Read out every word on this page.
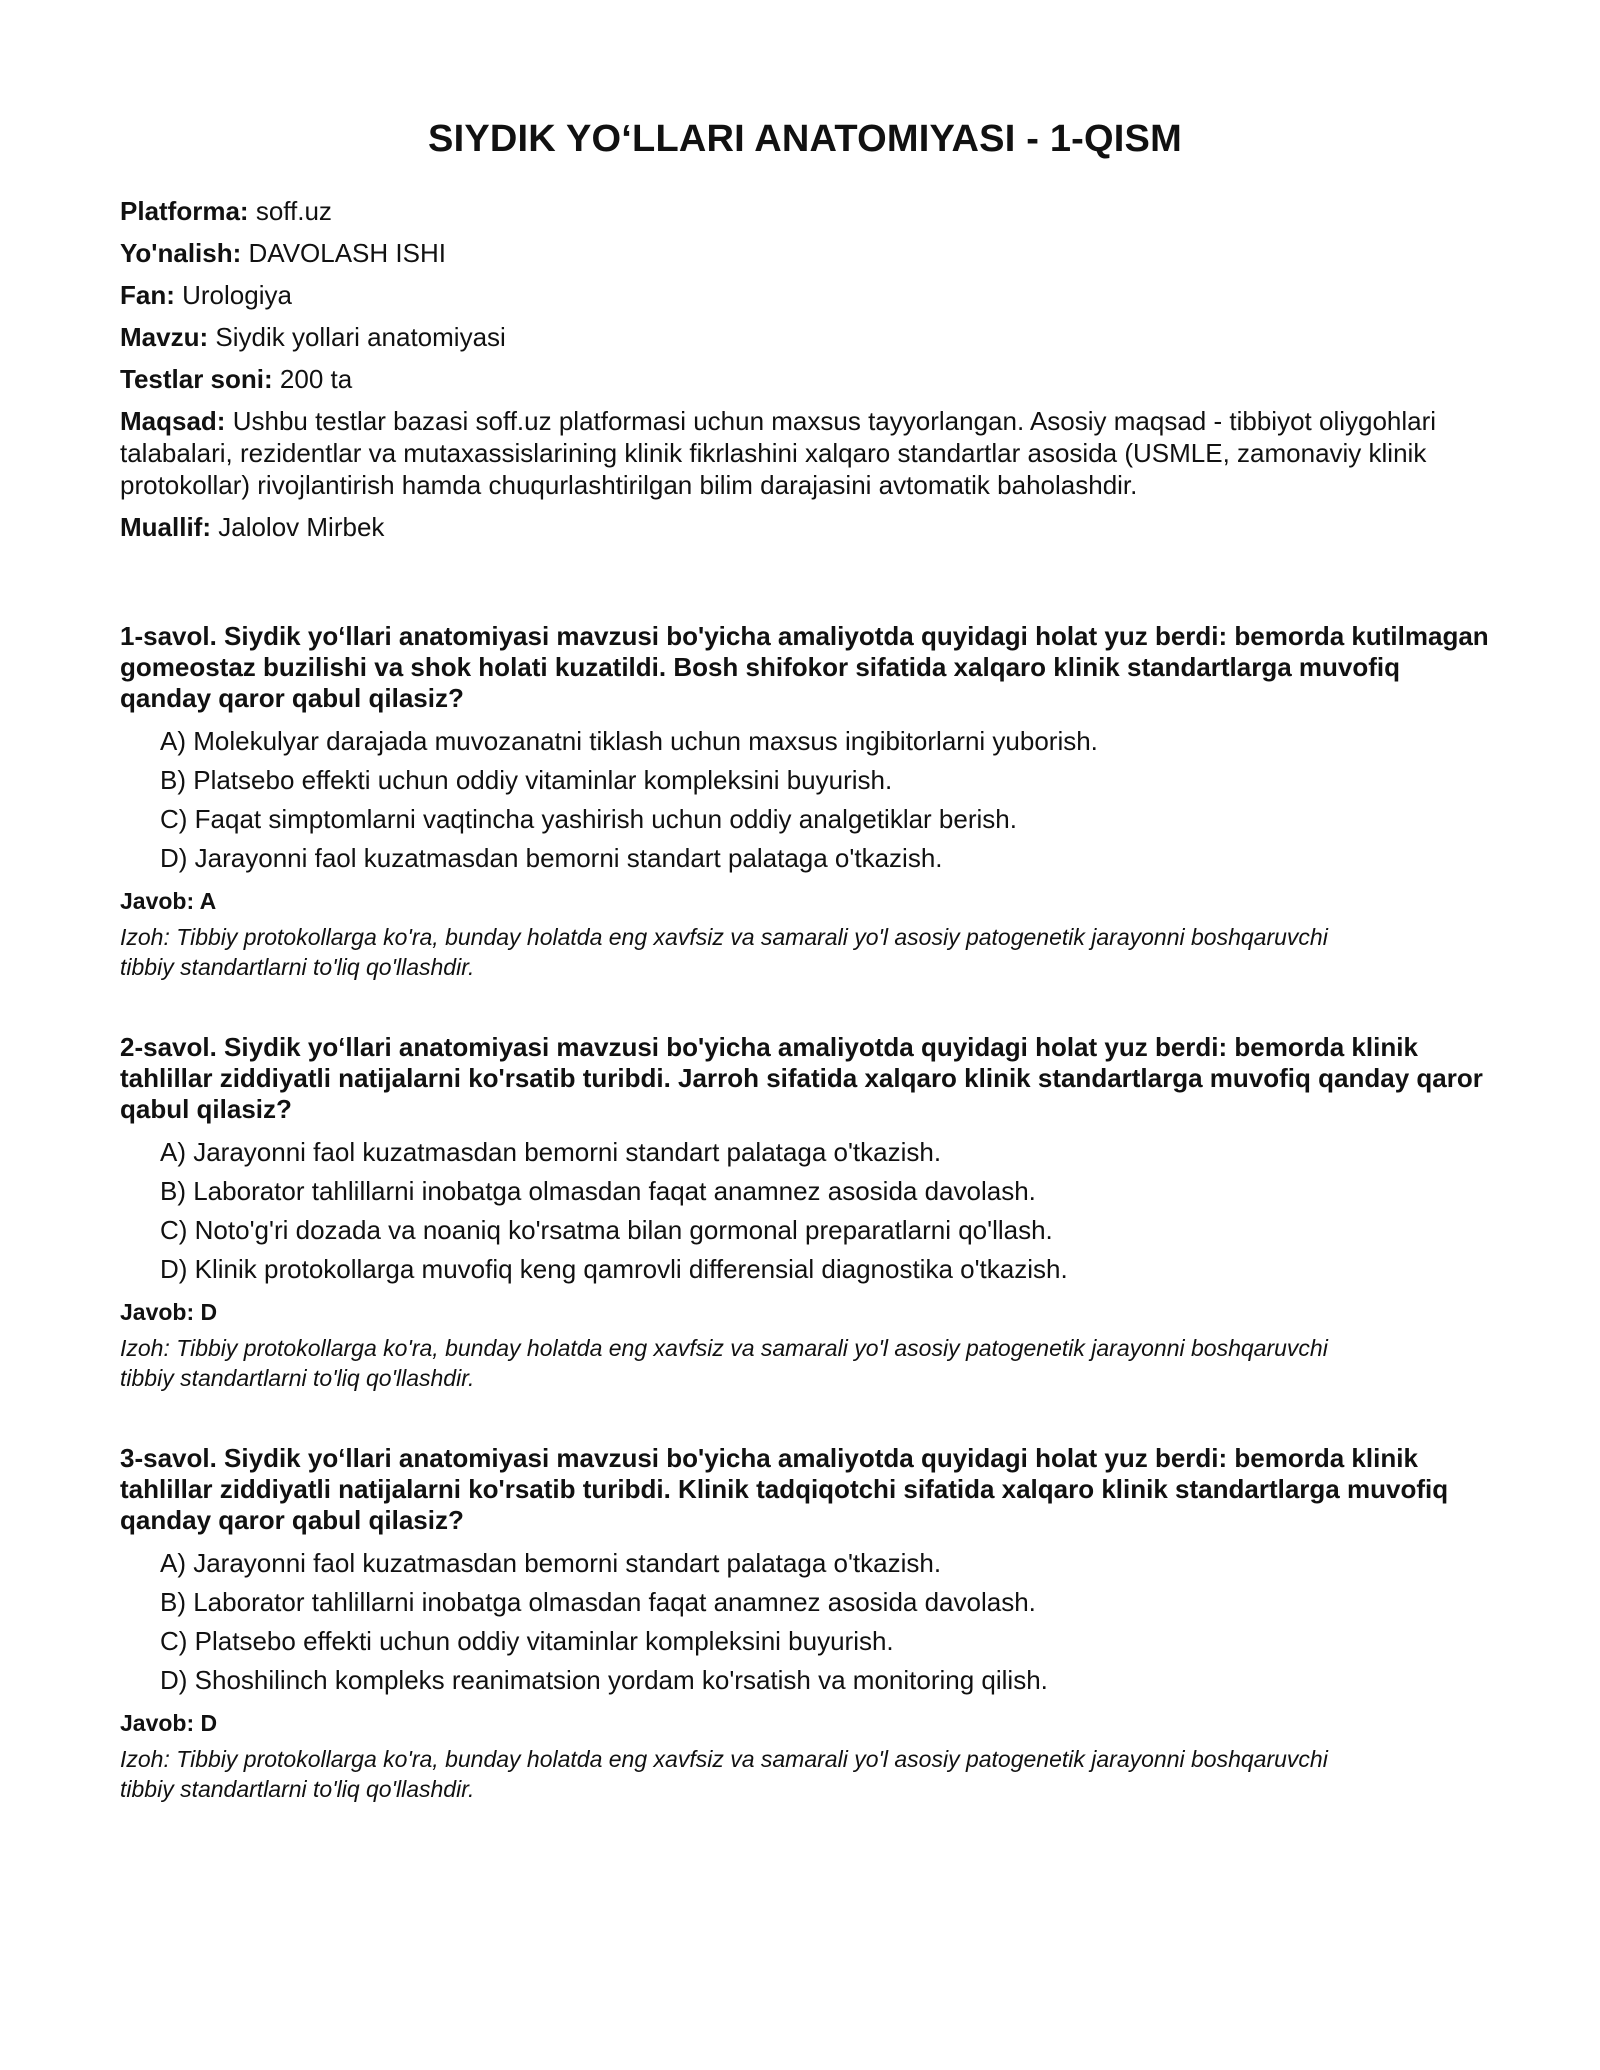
SIYDIK YO‘LLARI ANATOMIYASI - 1-QISM

Platforma: soff.uz

Yo'nalish: DAVOLASH ISHI

Fan: Urologiya

Mavzu: Siydik yollari anatomiyasi

Testlar soni: 200 ta

Maqsad: Ushbu testlar bazasi soff.uz platformasi uchun maxsus tayyorlangan. Asosiy maqsad - tibbiyot oliygohlari talabalari, rezidentlar va mutaxassislarining klinik fikrlashini xalqaro standartlar asosida (USMLE, zamonaviy klinik protokollar) rivojlantirish hamda chuqurlashtirilgan bilim darajasini avtomatik baholashdir.

Muallif: Jalolov Mirbek

1-savol. Siydik yo‘llari anatomiyasi mavzusi bo'yicha amaliyotda quyidagi holat yuz berdi: bemorda kutilmagan gomeostaz buzilishi va shok holati kuzatildi. Bosh shifokor sifatida xalqaro klinik standartlarga muvofiq qanday qaror qabul qilasiz?

A) Molekulyar darajada muvozanatni tiklash uchun maxsus ingibitorlarni yuborish.
B) Platsebo effekti uchun oddiy vitaminlar kompleksini buyurish.
C) Faqat simptomlarni vaqtincha yashirish uchun oddiy analgetiklar berish.
D) Jarayonni faol kuzatmasdan bemorni standart palataga o'tkazish.

Javob: A

Izoh: Tibbiy protokollarga ko'ra, bunday holatda eng xavfsiz va samarali yo'l asosiy patogenetik jarayonni boshqaruvchi tibbiy standartlarni to'liq qo'llashdir.

2-savol. Siydik yo‘llari anatomiyasi mavzusi bo'yicha amaliyotda quyidagi holat yuz berdi: bemorda klinik tahlillar ziddiyatli natijalarni ko'rsatib turibdi. Jarroh sifatida xalqaro klinik standartlarga muvofiq qanday qaror qabul qilasiz?

A) Jarayonni faol kuzatmasdan bemorni standart palataga o'tkazish.
B) Laborator tahlillarni inobatga olmasdan faqat anamnez asosida davolash.
C) Noto'g'ri dozada va noaniq ko'rsatma bilan gormonal preparatlarni qo'llash.
D) Klinik protokollarga muvofiq keng qamrovli differensial diagnostika o'tkazish.

Javob: D

Izoh: Tibbiy protokollarga ko'ra, bunday holatda eng xavfsiz va samarali yo'l asosiy patogenetik jarayonni boshqaruvchi tibbiy standartlarni to'liq qo'llashdir.

3-savol. Siydik yo‘llari anatomiyasi mavzusi bo'yicha amaliyotda quyidagi holat yuz berdi: bemorda klinik tahlillar ziddiyatli natijalarni ko'rsatib turibdi. Klinik tadqiqotchi sifatida xalqaro klinik standartlarga muvofiq qanday qaror qabul qilasiz?

A) Jarayonni faol kuzatmasdan bemorni standart palataga o'tkazish.
B) Laborator tahlillarni inobatga olmasdan faqat anamnez asosida davolash.
C) Platsebo effekti uchun oddiy vitaminlar kompleksini buyurish.
D) Shoshilinch kompleks reanimatsion yordam ko'rsatish va monitoring qilish.

Javob: D

Izoh: Tibbiy protokollarga ko'ra, bunday holatda eng xavfsiz va samarali yo'l asosiy patogenetik jarayonni boshqaruvchi tibbiy standartlarni to'liq qo'llashdir.
